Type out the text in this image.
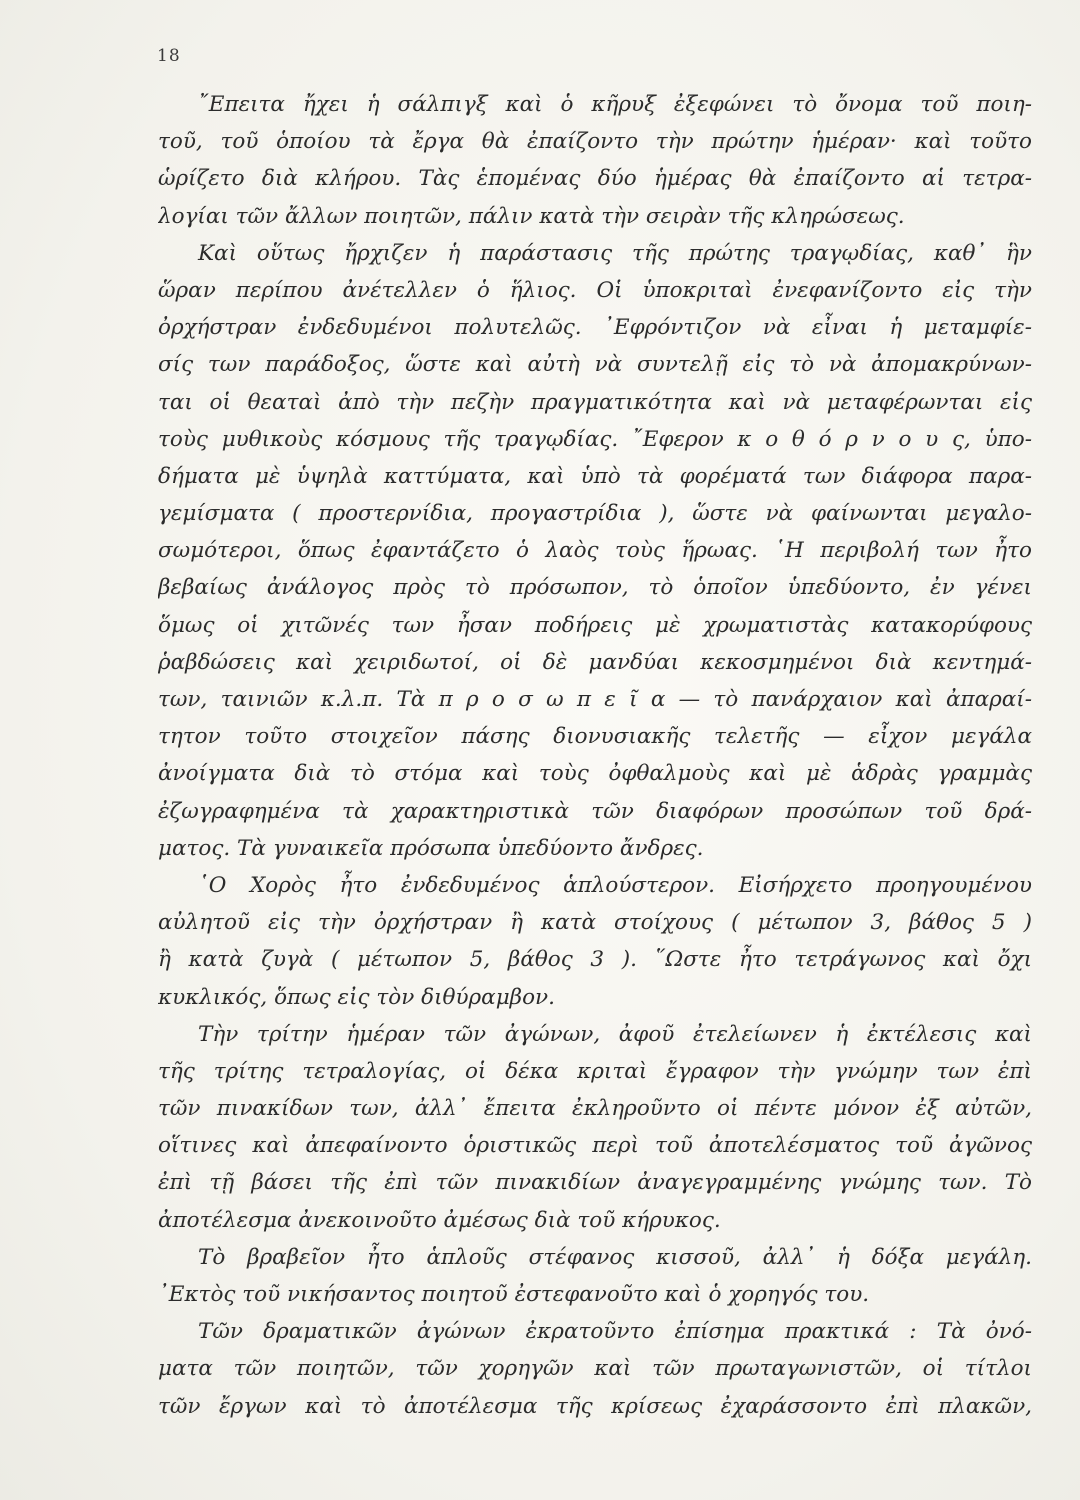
18
῎Επειτα ἤχει ἡ σάλπιγξ καὶ ὁ κῆρυξ ἐξεφώνει τὸ ὄνομα τοῦ ποιη-
τοῦ, τοῦ ὁποίου τὰ ἔργα θὰ ἐπαίζοντο τὴν πρώτην ἡμέραν· καὶ τοῦτο
ὡρίζετο διὰ κλήρου. Τὰς ἑπομένας δύο ἡμέρας θὰ ἐπαίζοντο αἱ τετρα-
λογίαι τῶν ἄλλων ποιητῶν, πάλιν κατὰ τὴν σειρὰν τῆς κληρώσεως.
Καὶ οὕτως ἤρχιζεν ἡ παράστασις τῆς πρώτης τραγῳδίας, καθ᾽ ἣν
ὥραν περίπου ἀνέτελλεν ὁ ἥλιος. Οἱ ὑποκριταὶ ἐνεφανίζοντο εἰς τὴν
ὀρχήστραν ἐνδεδυμένοι πολυτελῶς. ᾽Εφρόντιζον νὰ εἶναι ἡ μεταμφίε-
σίς των παράδοξος, ὥστε καὶ αὐτὴ νὰ συντελῇ εἰς τὸ νὰ ἀπομακρύνων-
ται οἱ θεαταὶ ἀπὸ τὴν πεζὴν πραγματικότητα καὶ νὰ μεταφέρωνται εἰς
τοὺς μυθικοὺς κόσμους τῆς τραγῳδίας. ῎Εφερον κ ο θ ό ρ ν ο υ ς, ὑπο-
δήματα μὲ ὑψηλὰ καττύματα, καὶ ὑπὸ τὰ φορέματά των διάφορα παρα-
γεμίσματα ( προστερνίδια, προγαστρίδια ), ὥστε νὰ φαίνωνται μεγαλο-
σωμότεροι, ὅπως ἐφαντάζετο ὁ λαὸς τοὺς ἥρωας. ῾Η περιβολή των ἦτο
βεβαίως ἀνάλογος πρὸς τὸ πρόσωπον, τὸ ὁποῖον ὑπεδύοντο, ἐν γένει
ὅμως οἱ χιτῶνές των ἦσαν ποδήρεις μὲ χρωματιστὰς κατακορύφους
ῥαβδώσεις καὶ χειριδωτοί, οἱ δὲ μανδύαι κεκοσμημένοι διὰ κεντημά-
των, ταινιῶν κ.λ.π. Τὰ π ρ ο σ ω π ε ῖ α — τὸ πανάρχαιον καὶ ἀπαραί-
τητον τοῦτο στοιχεῖον πάσης διονυσιακῆς τελετῆς — εἶχον μεγάλα
ἀνοίγματα διὰ τὸ στόμα καὶ τοὺς ὀφθαλμοὺς καὶ μὲ ἁδρὰς γραμμὰς
ἐζωγραφημένα τὰ χαρακτηριστικὰ τῶν διαφόρων προσώπων τοῦ δρά-
ματος. Τὰ γυναικεῖα πρόσωπα ὑπεδύοντο ἄνδρες.
῾Ο Χορὸς ἦτο ἐνδεδυμένος ἁπλούστερον. Εἰσήρχετο προηγουμένου
αὐλητοῦ εἰς τὴν ὀρχήστραν ἢ κατὰ στοίχους ( μέτωπον 3, βάθος 5 )
ἢ κατὰ ζυγὰ ( μέτωπον 5, βάθος 3 ). ῞Ωστε ἦτο τετράγωνος καὶ ὄχι
κυκλικός, ὅπως εἰς τὸν διθύραμβον.
Τὴν τρίτην ἡμέραν τῶν ἀγώνων, ἀφοῦ ἐτελείωνεν ἡ ἐκτέλεσις καὶ
τῆς τρίτης τετραλογίας, οἱ δέκα κριταὶ ἔγραφον τὴν γνώμην των ἐπὶ
τῶν πινακίδων των, ἀλλ᾽ ἔπειτα ἐκληροῦντο οἱ πέντε μόνον ἐξ αὐτῶν,
οἵτινες καὶ ἀπεφαίνοντο ὁριστικῶς περὶ τοῦ ἀποτελέσματος τοῦ ἀγῶνος
ἐπὶ τῇ βάσει τῆς ἐπὶ τῶν πινακιδίων ἀναγεγραμμένης γνώμης των. Τὸ
ἀποτέλεσμα ἀνεκοινοῦτο ἀμέσως διὰ τοῦ κήρυκος.
Τὸ βραβεῖον ἦτο ἁπλοῦς στέφανος κισσοῦ, ἀλλ᾽ ἡ δόξα μεγάλη.
᾽Εκτὸς τοῦ νικήσαντος ποιητοῦ ἐστεφανοῦτο καὶ ὁ χορηγός του.
Τῶν δραματικῶν ἀγώνων ἐκρατοῦντο ἐπίσημα πρακτικά : Τὰ ὀνό-
ματα τῶν ποιητῶν, τῶν χορηγῶν καὶ τῶν πρωταγωνιστῶν, οἱ τίτλοι
τῶν ἔργων καὶ τὸ ἀποτέλεσμα τῆς κρίσεως ἐχαράσσοντο ἐπὶ πλακῶν,
